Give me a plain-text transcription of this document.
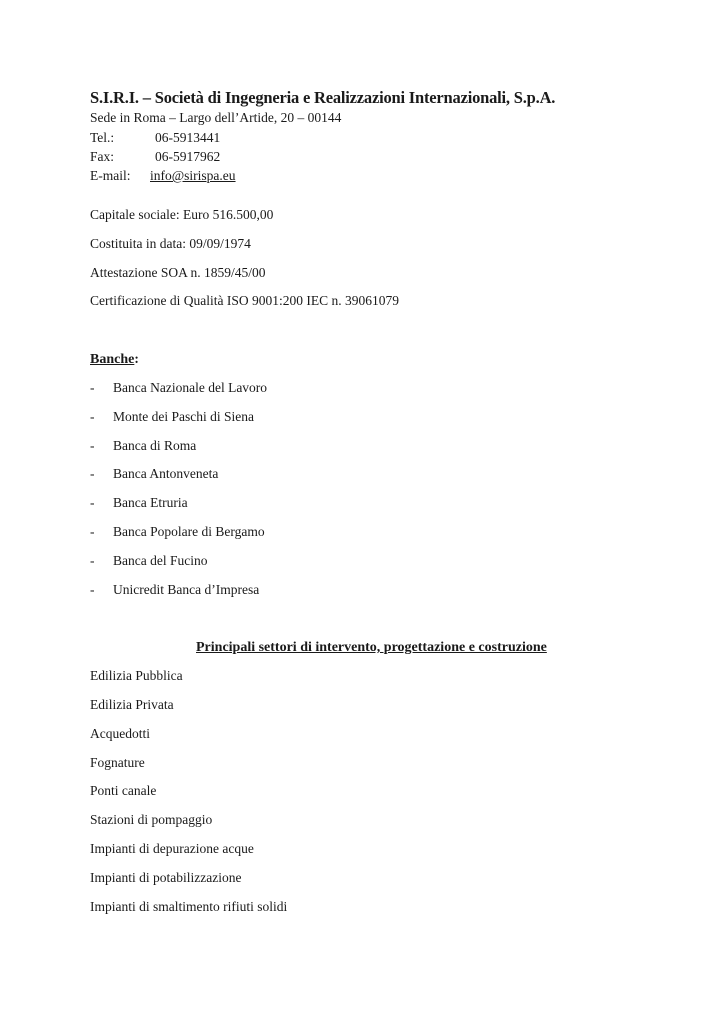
S.I.R.I. – Società di Ingegneria e Realizzazioni Internazionali, S.p.A.
Sede in Roma – Largo dell’Artide, 20 – 00144
Tel.:	06-5913441
Fax:	06-5917962
E-mail: info@sirispa.eu
Capitale sociale: Euro 516.500,00
Costituita in data: 09/09/1974
Attestazione SOA n. 1859/45/00
Certificazione di Qualità ISO 9001:200 IEC n. 39061079
Banche:
- Banca Nazionale del Lavoro
- Monte dei Paschi di Siena
- Banca di Roma
- Banca Antonveneta
- Banca Etruria
- Banca Popolare di Bergamo
- Banca del Fucino
- Unicredit Banca d’Impresa
Principali settori di intervento, progettazione e costruzione
Edilizia Pubblica
Edilizia Privata
Acquedotti
Fognature
Ponti canale
Stazioni di pompaggio
Impianti di depurazione acque
Impianti di potabilizzazione
Impianti di smaltimento rifiuti solidi
